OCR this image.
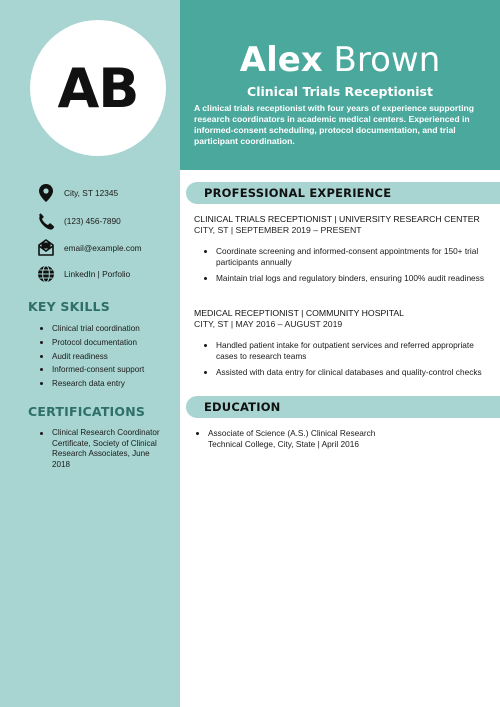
AB	Alex Brown
Clinical Trials Receptionist
A clinical trials receptionist with four years of experience supporting research coordinators in academic medical centers. Experienced in informed-consent scheduling, protocol documentation, and trial participant coordination.
City, ST 12345
(123) 456-7890
email@example.com
LinkedIn | Porfolio
KEY SKILLS
Clinical trial coordination
Protocol documentation
Audit readiness
Informed-consent support
Research data entry
CERTIFICATIONS
Clinical Research Coordinator Certificate, Society of Clinical Research Associates, June 2018
PROFESSIONAL EXPERIENCE
CLINICAL TRIALS RECEPTIONIST | UNIVERSITY RESEARCH CENTER
CITY, ST | SEPTEMBER 2019 – PRESENT
Coordinate screening and informed-consent appointments for 150+ trial participants annually
Maintain trial logs and regulatory binders, ensuring 100% audit readiness
MEDICAL RECEPTIONIST | COMMUNITY HOSPITAL
CITY, ST | MAY 2016 – AUGUST 2019
Handled patient intake for outpatient services and referred appropriate cases to research teams
Assisted with data entry for clinical databases and quality-control checks
EDUCATION
Associate of Science (A.S.) Clinical Research
Technical College, City, State | April 2016
